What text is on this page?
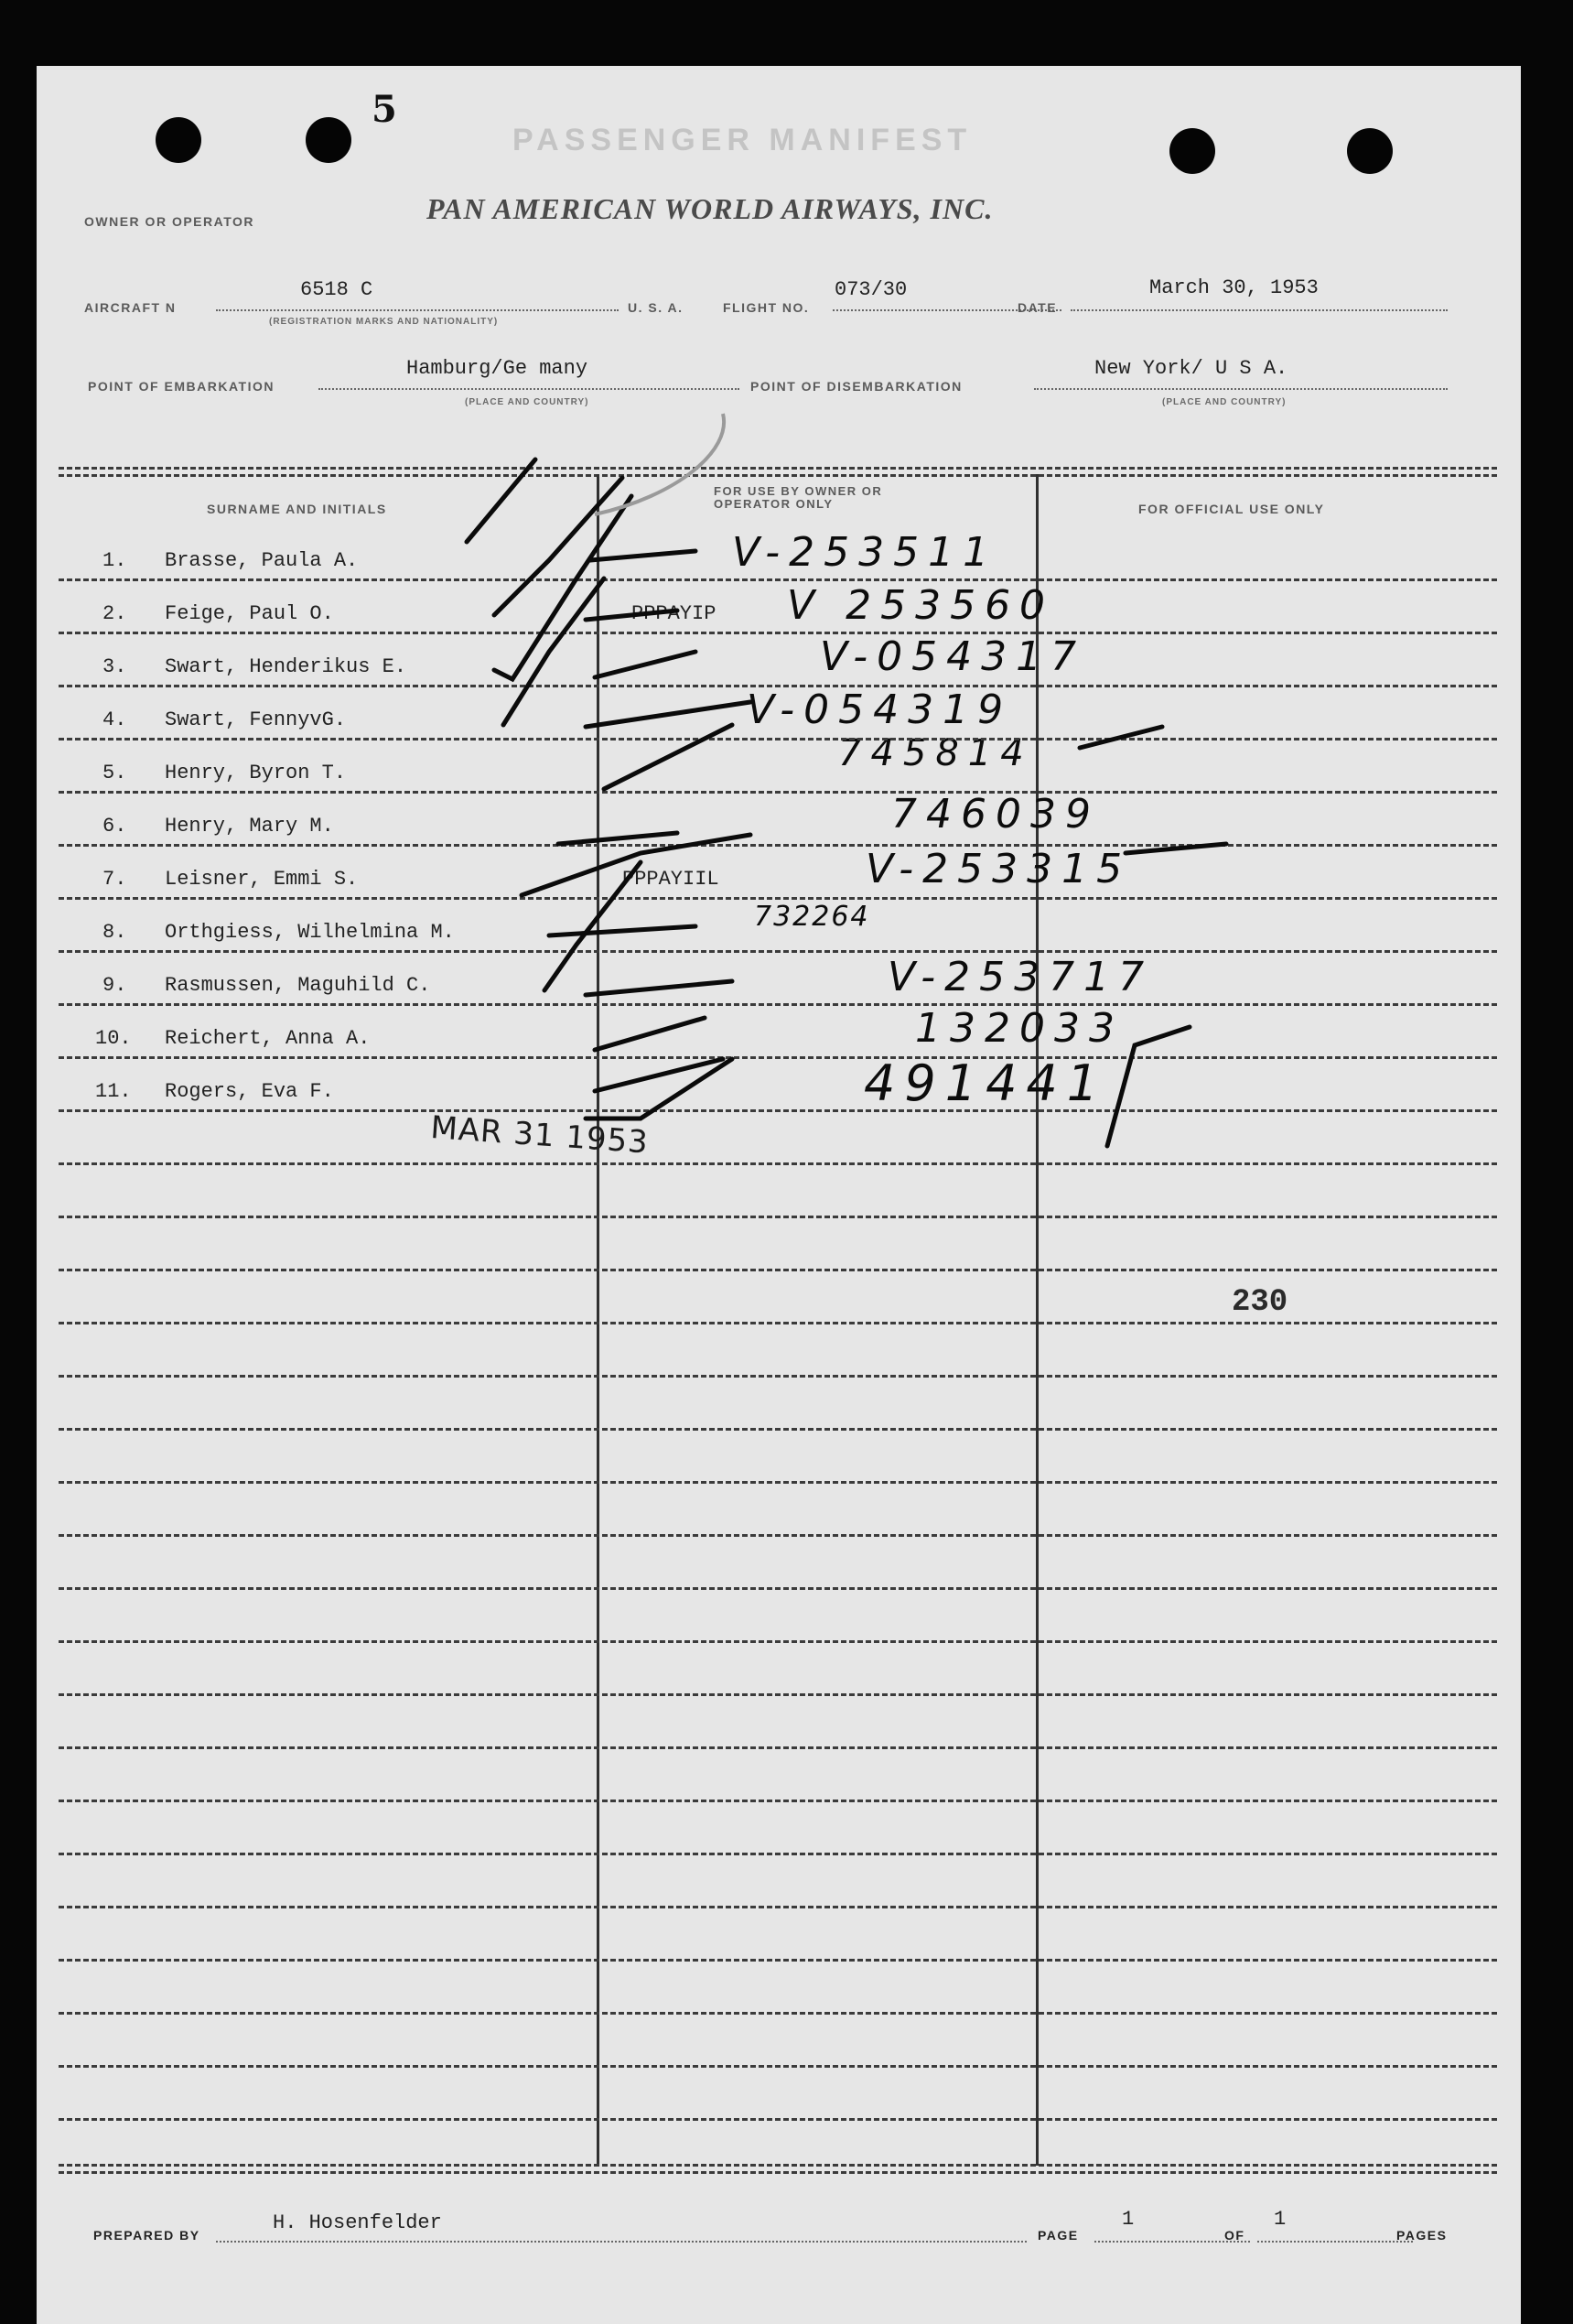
5
PASSENGER MANIFEST
OWNER OR OPERATOR	PAN AMERICAN WORLD AIRWAYS, INC.
AIRCRAFT N
6518 C
(REGISTRATION MARKS AND NATIONALITY)
U. S. A.	FLIGHT NO.
073/30
DATE
March 30, 1953
POINT OF EMBARKATION
Hamburg/Ge many
(PLACE AND COUNTRY)
POINT OF DISEMBARKATION
New York/ U S A.
(PLACE AND COUNTRY)
SURNAME AND INITIALS
FOR USE BY OWNER OR OPERATOR ONLY	FOR OFFICIAL USE ONLY
1. Brasse, Paula A.	V-253511
2. Feige, Paul O.	PPPAYIP V 253560
3. Swart, Henderikus E.	V-054317
4. Swart, FennyvG.	V-054319
5. Henry, Byron T.	745814
6. Henry, Mary M.	746039
7. Leisner, Emmi S.	PPPAYIIL	V-253315
8. Orthgiess, Wilhelmina M.	732264
9. Rasmussen, Maguhild C.	V-253717
10. Reichert, Anna A.	132033
11. Rogers, Eva F.	491441
MAR 31 1953
230
PREPARED BY
H. Hosenfelder
PAGE
1
OF
1
PAGES
